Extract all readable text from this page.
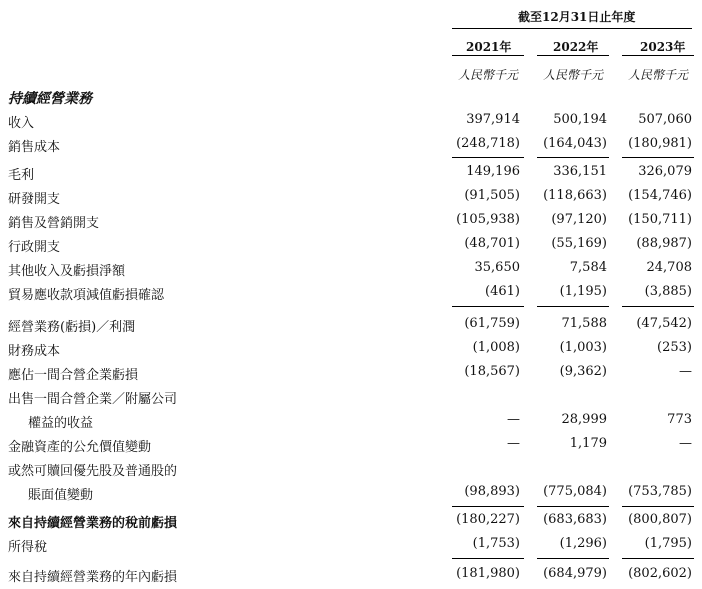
截至12月31日止年度
2021年	2022年	2023年
人民幣千元 人民幣千元 人民幣千元
持續經營業務
收入 . . .	397,914	500,194	507,060
銷售成本 . . .	(248,718)	(164,043)	(180,981)
毛利	149,196	336,151	326,079
研發開支 . . .	(91,505)	(118,663)	(154,746)
銷售及營銷開支 . . .	(105,938)	(97,120)	(150,711)
行政開支 . . .	(48,701)	(55,169)	(88,987)
其他收入及虧損淨額 . . .	35,650	7,584	24,708
貿易應收款項減值虧損確認 . . .	(461)	(1,195)	(3,885)
經營業務(虧損)／利潤 . . .	(61,759)	71,588	(47,542)
財務成本 . . .	(1,008)	(1,003)	(253)
應佔一間合營企業虧損 . . .	(18,567)	(9,362)	—
出售一間合營企業／附屬公司
權益的收益 . . .	—	28,999	773
金融資產的公允價值變動 . . .	—	1,179	—
或然可贖回優先股及普通股的
賬面值變動 . . .	(98,893)	(775,084)	(753,785)
來自持續經營業務的稅前虧損 . . .	(180,227)	(683,683)	(800,807)
所得稅 . . .	(1,753)	(1,296)	(1,795)
來自持續經營業務的年內虧損 . . .	(181,980)	(684,979)	(802,602)
